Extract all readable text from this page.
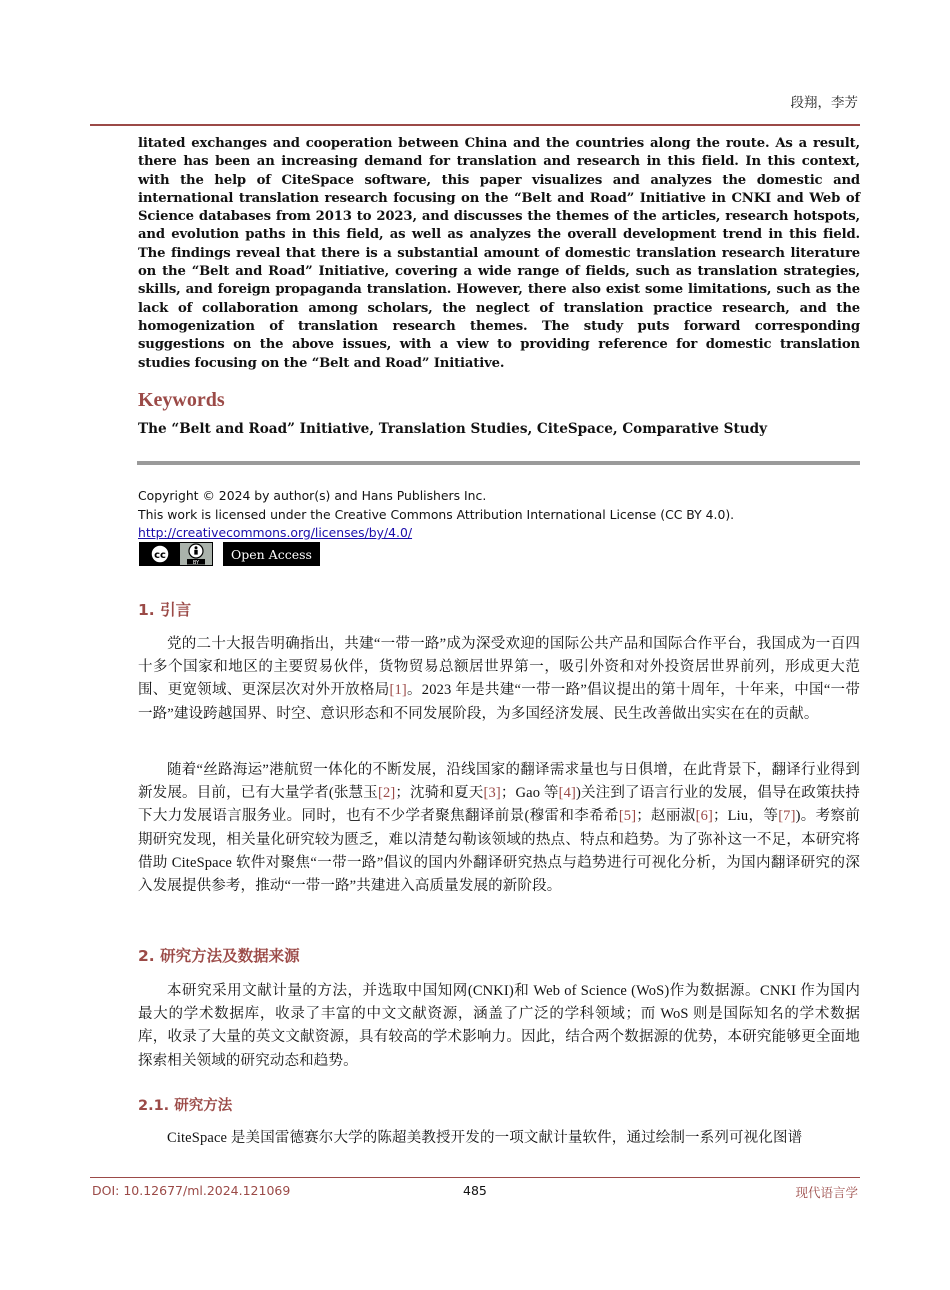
段翔，李芳

litated exchanges and cooperation between China and the countries along the route. As a result, there has been an increasing demand for translation and research in this field. In this context, with the help of CiteSpace software, this paper visualizes and analyzes the domestic and international translation research focusing on the “Belt and Road” Initiative in CNKI and Web of Science databases from 2013 to 2023, and discusses the themes of the articles, research hotspots, and evolution paths in this field, as well as analyzes the overall development trend in this field. The findings reveal that there is a substantial amount of domestic translation research literature on the “Belt and Road” Initiative, covering a wide range of fields, such as translation strategies, skills, and foreign propaganda translation. However, there also exist some limitations, such as the lack of collaboration among scholars, the neglect of translation practice research, and the homogenization of translation research themes. The study puts forward corresponding suggestions on the above issues, with a view to providing reference for domestic translation studies focusing on the “Belt and Road” Initiative.

Keywords

The “Belt and Road” Initiative, Translation Studies, CiteSpace, Comparative Study

Copyright © 2024 by author(s) and Hans Publishers Inc.
This work is licensed under the Creative Commons Attribution International License (CC BY 4.0).
http://creativecommons.org/licenses/by/4.0/
cc
BY
Open Access
1. 引言

党的二十大报告明确指出，共建“一带一路”成为深受欢迎的国际公共产品和国际合作平台，我国成为一百四十多个国家和地区的主要贸易伙伴，货物贸易总额居世界第一，吸引外资和对外投资居世界前列，形成更大范围、更宽领域、更深层次对外开放格局[1]。2023 年是共建“一带一路”倡议提出的第十周年，十年来，中国“一带一路”建设跨越国界、时空、意识形态和不同发展阶段，为多国经济发展、民生改善做出实实在在的贡献。

随着“丝路海运”港航贸一体化的不断发展，沿线国家的翻译需求量也与日俱增，在此背景下，翻译行业得到新发展。目前，已有大量学者(张慧玉[2]；沈骑和夏天[3]；Gao 等[4])关注到了语言行业的发展，倡导在政策扶持下大力发展语言服务业。同时，也有不少学者聚焦翻译前景(穆雷和李希希[5]；赵丽淑[6]；Liu，等[7])。考察前期研究发现，相关量化研究较为匮乏，难以清楚勾勒该领域的热点、特点和趋势。为了弥补这一不足，本研究将借助 CiteSpace 软件对聚焦“一带一路”倡议的国内外翻译研究热点与趋势进行可视化分析，为国内翻译研究的深入发展提供参考，推动“一带一路”共建进入高质量发展的新阶段。

2. 研究方法及数据来源

本研究采用文献计量的方法，并选取中国知网(CNKI)和 Web of Science (WoS)作为数据源。CNKI 作为国内最大的学术数据库，收录了丰富的中文文献资源，涵盖了广泛的学科领域；而 WoS 则是国际知名的学术数据库，收录了大量的英文文献资源，具有较高的学术影响力。因此，结合两个数据源的优势，本研究能够更全面地探索相关领域的研究动态和趋势。

2.1. 研究方法

CiteSpace 是美国雷德赛尔大学的陈超美教授开发的一项文献计量软件，通过绘制一系列可视化图谱

DOI: 10.12677/ml.2024.121069	485	现代语言学
